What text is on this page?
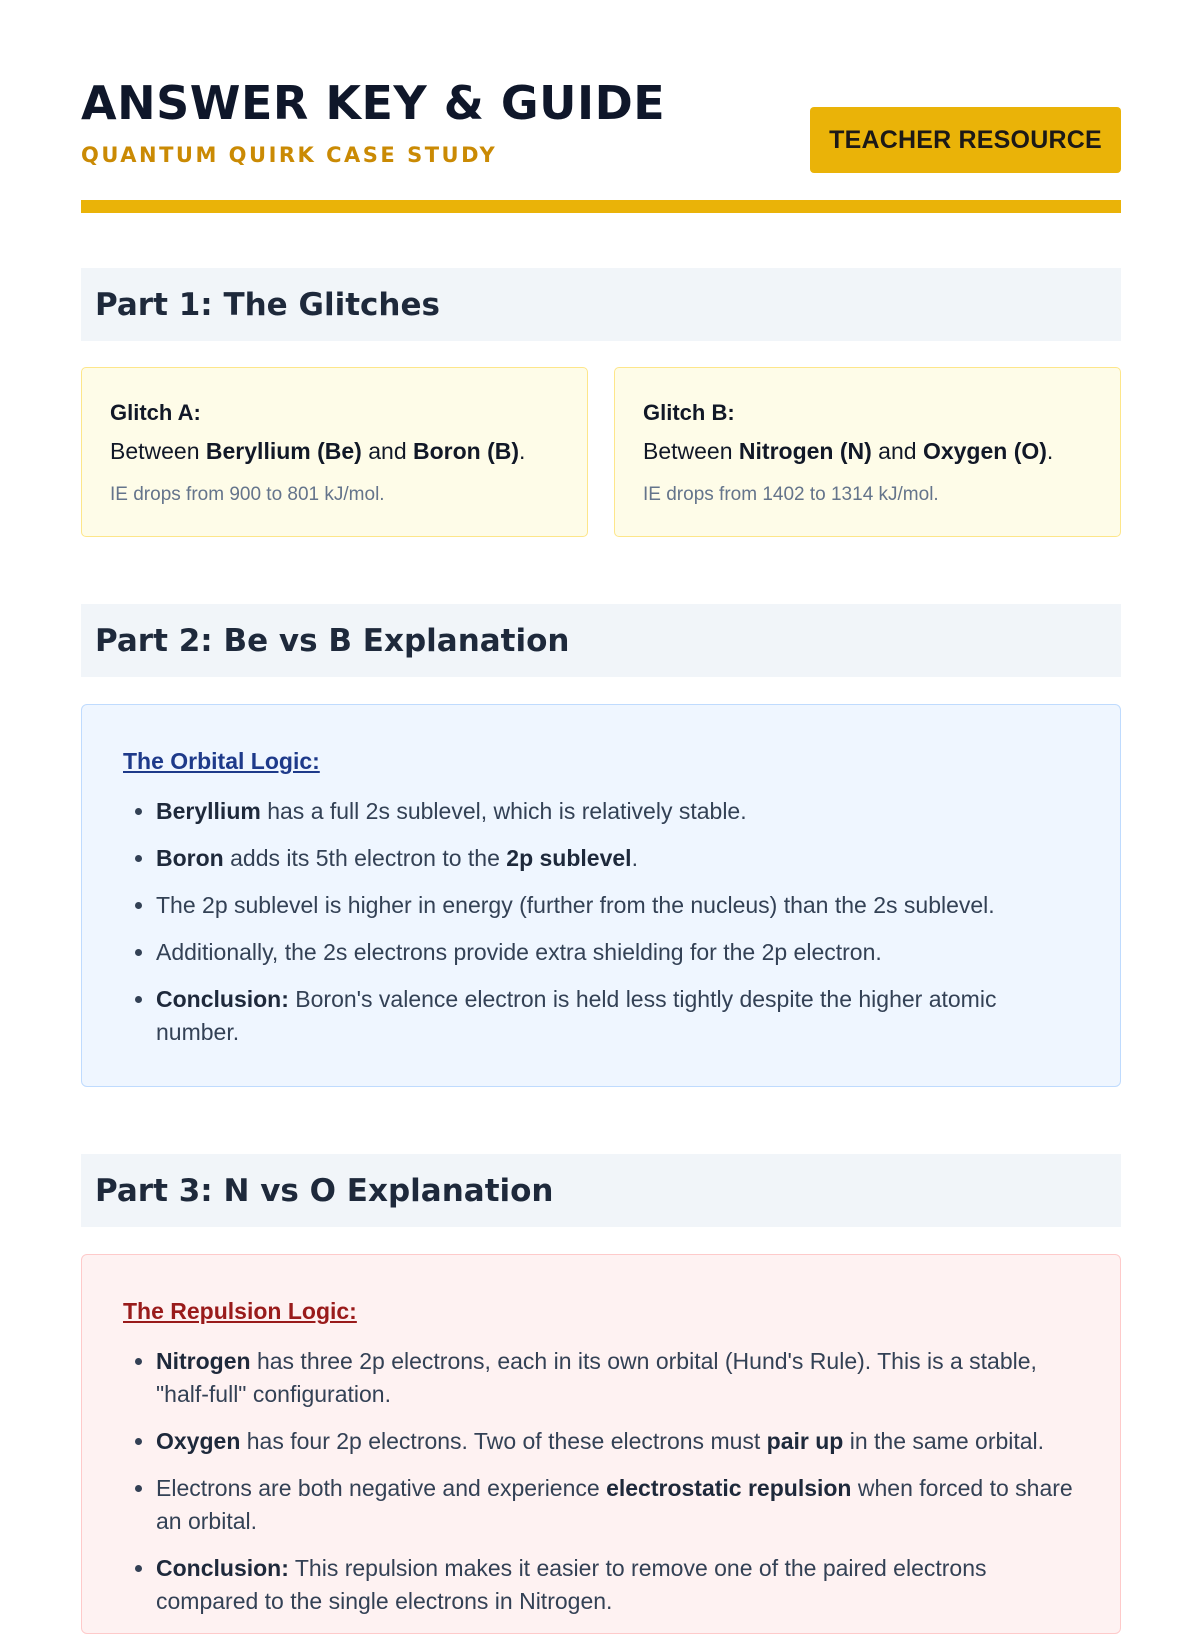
ANSWER KEY & GUIDE
QUANTUM QUIRK CASE STUDY
TEACHER RESOURCE
Part 1: The Glitches
Glitch A:
Between Beryllium (Be) and Boron (B).
IE drops from 900 to 801 kJ/mol.
Glitch B:
Between Nitrogen (N) and Oxygen (O).
IE drops from 1402 to 1314 kJ/mol.
Part 2: Be vs B Explanation
The Orbital Logic:
• Beryllium has a full 2s sublevel, which is relatively stable.
• Boron adds its 5th electron to the 2p sublevel.
• The 2p sublevel is higher in energy (further from the nucleus) than the 2s sublevel.
• Additionally, the 2s electrons provide extra shielding for the 2p electron.
• Conclusion: Boron's valence electron is held less tightly despite the higher atomic number.
Part 3: N vs O Explanation
The Repulsion Logic:
• Nitrogen has three 2p electrons, each in its own orbital (Hund's Rule). This is a stable, "half-full" configuration.
• Oxygen has four 2p electrons. Two of these electrons must pair up in the same orbital.
• Electrons are both negative and experience electrostatic repulsion when forced to share an orbital.
• Conclusion: This repulsion makes it easier to remove one of the paired electrons compared to the single electrons in Nitrogen.
